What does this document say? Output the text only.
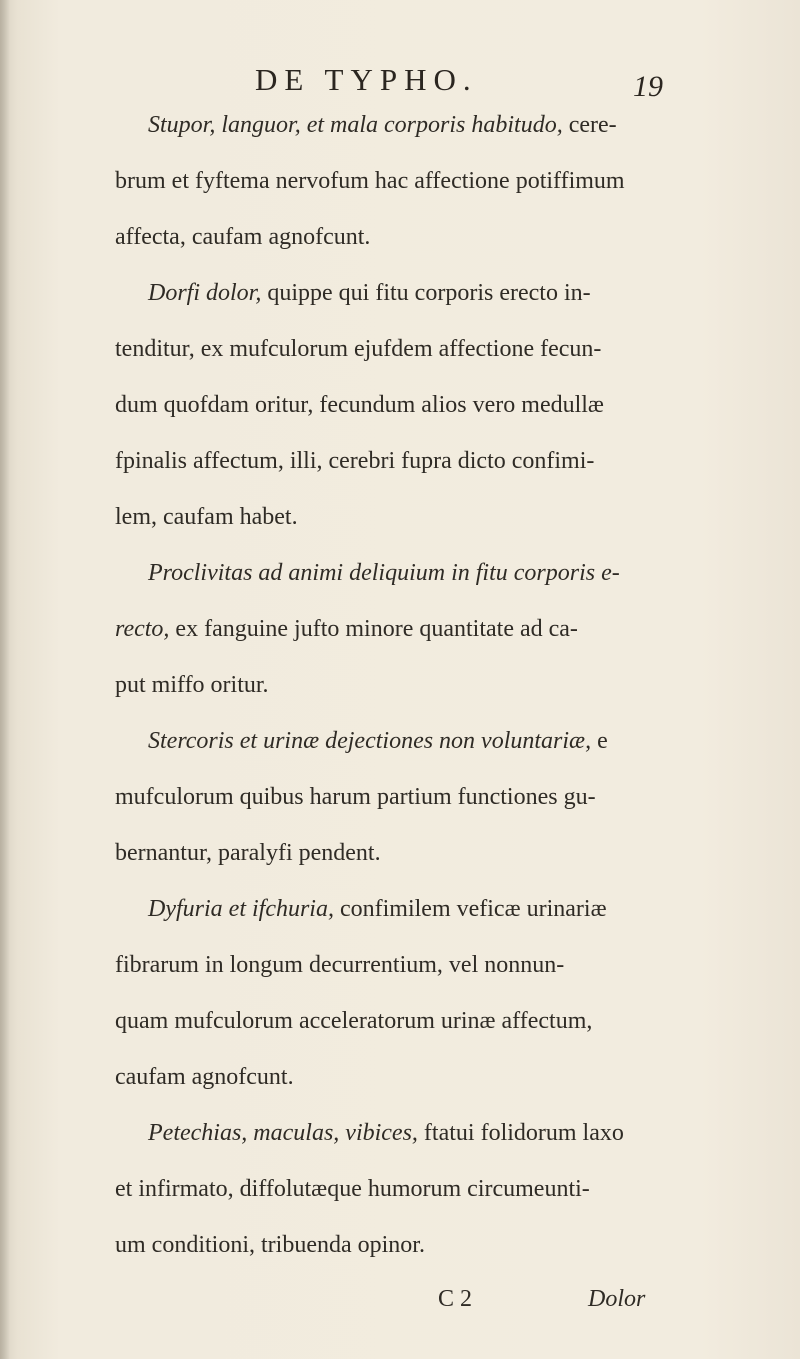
DE TYPHO.	19
Stupor, languor, et mala corporis habitudo, cere-
brum et fyftema nervofum hac affectione potiffimum
affecta, caufam agnofcunt.
Dorfi dolor, quippe qui fitu corporis erecto in-
tenditur, ex mufculorum ejufdem affectione fecun-
dum quofdam oritur, fecundum alios vero medullæ
fpinalis affectum, illi, cerebri fupra dicto confimi-
lem, caufam habet.
Proclivitas ad animi deliquium in fitu corporis e-
recto, ex fanguine jufto minore quantitate ad ca-
put miffo oritur.
Stercoris et urinæ dejectiones non voluntariæ, e
mufculorum quibus harum partium functiones gu-
bernantur, paralyfi pendent.
Dyfuria et ifchuria, confimilem veficæ urinariæ
fibrarum in longum decurrentium, vel nonnun-
quam mufculorum acceleratorum urinæ affectum,
caufam agnofcunt.
Petechias, maculas, vibices, ftatui folidorum laxo
et infirmato, diffolutæque humorum circumeunti-
um conditioni, tribuenda opinor.
C 2	Dolor
